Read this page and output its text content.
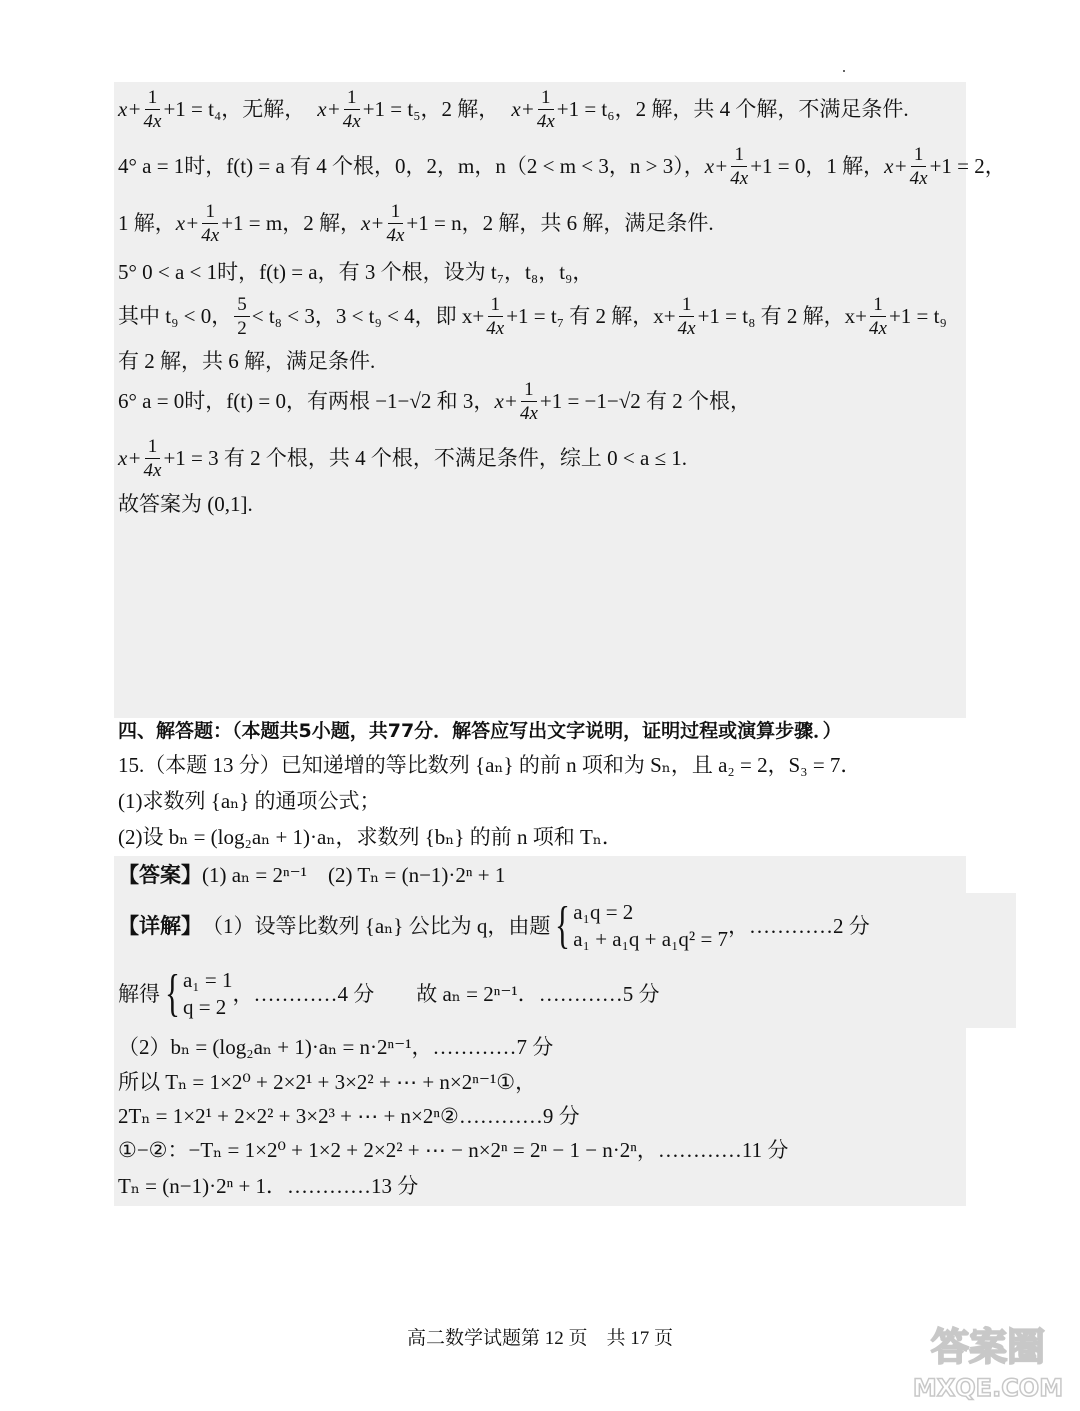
$x+ \frac{1}{4x} +1 = t_4$，无解， $x+ \frac{1}{4x} +1 = t_5$，2 解， $x+ \frac{1}{4x} +1 = t_6$，2 解，共 4 个解，不满足条件.
4° a = 1时，f(t) = a 有 4 个根，0，2，m，n（2 < m < 3，n > 3）， $x+ \frac{1}{4x} +1 = 0$，1 解， $x+ \frac{1}{4x} +1 = 2$，
1 解， $x+ \frac{1}{4x} +1 = m$，2 解， $x+ \frac{1}{4x} +1 = n$，2 解，共 6 解，满足条件.
5° 0 < a < 1时，f(t) = a，有 3 个根，设为 t₇，t₈，t₉，
其中 t₉ < 0， $\frac{5}{2} < t_8 < 3$，3 < t₉ < 4，即 $x+ \frac{1}{4x} +1 = t_7$ 有 2 解，$x+ \frac{1}{4x} +1 = t_8$ 有 2 解，$x+ \frac{1}{4x} +1 = t_9$
有 2 解，共 6 解，满足条件.
6° a = 0时，f(t) = 0，有两根 −1−√2 和 3， $x+ \frac{1}{4x} +1 = -1-√2$ 有 2 个根，
$x+ \frac{1}{4x} +1 = 3$ 有 2 个根，共 4 个根，不满足条件，综上 0 < a ≤ 1.
故答案为 (0,1].
四、解答题：（本题共5小题，共77分．解答应写出文字说明，证明过程或演算步骤．）
15.（本题 13 分）已知递增的等比数列 {aₙ} 的前 n 项和为 Sₙ，且 a₂ = 2，S₃ = 7．
(1)求数列 {aₙ} 的通项公式；
(2)设 bₙ = (log₂aₙ + 1)·aₙ，求数列 {bₙ} 的前 n 项和 Tₙ．
【答案】 (1) aₙ = 2ⁿ⁻¹　(2) Tₙ = (n−1)·2ⁿ + 1
【详解】 （1）设等比数列 {aₙ} 公比为 q，由题 { a₁q = 2
a₁ + a₁q + a₁q² = 7
，…………2 分
解得 { a₁ = 1
q = 2
，…………4 分　　故 aₙ = 2ⁿ⁻¹．…………5 分
（2）bₙ = (log₂aₙ + 1)·aₙ = n·2ⁿ⁻¹，…………7 分
所以 Tₙ = 1×2⁰ + 2×2¹ + 3×2² + ⋯ + n×2ⁿ⁻¹①，
2Tₙ = 1×2¹ + 2×2² + 3×2³ + ⋯ + n×2ⁿ②…………9 分
①−②：−Tₙ = 1×2⁰ + 1×2 + 2×2² + ⋯ − n×2ⁿ = 2ⁿ − 1 − n·2ⁿ，…………11 分
Tₙ = (n−1)·2ⁿ + 1．…………13 分
高二数学试题第 12 页　共 17 页	答案圈
MXQE.COM
